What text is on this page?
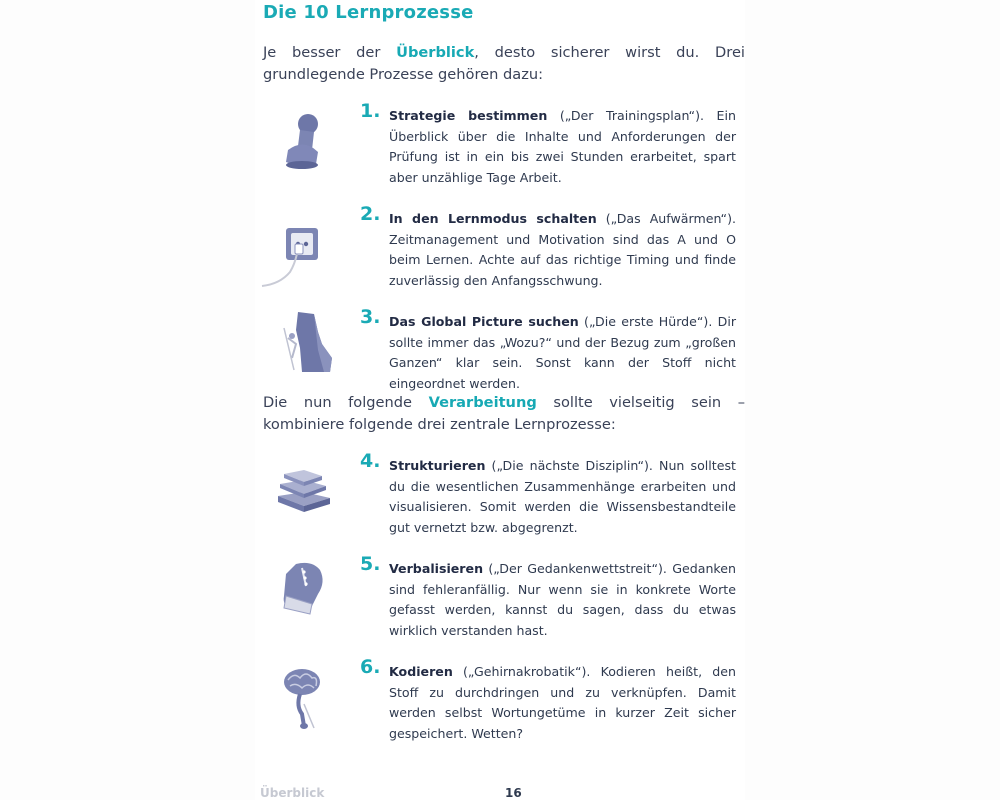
Die 10 Lernprozesse
Je besser der Überblick, desto sicherer wirst du. Drei grundlegende Prozesse gehören dazu:
1. Strategie bestimmen („Der Trainingsplan“). Ein Überblick über die Inhalte und Anforderungen der Prüfung ist in ein bis zwei Stunden erarbeitet, spart aber unzählige Tage Arbeit.
2. In den Lernmodus schalten („Das Aufwärmen“). Zeitmanagement und Motivation sind das A und O beim Lernen. Achte auf das richtige Timing und finde zuverlässig den Anfangsschwung.
3. Das Global Picture suchen („Die erste Hürde“). Dir sollte immer das „Wozu?“ und der Bezug zum „großen Ganzen“ klar sein. Sonst kann der Stoff nicht eingeordnet werden.
Die nun folgende Verarbeitung sollte vielseitig sein – kombiniere folgende drei zentrale Lernprozesse:
4. Strukturieren („Die nächste Disziplin“). Nun solltest du die wesentlichen Zusammenhänge erarbeiten und visualisieren. Somit werden die Wissensbestandteile gut vernetzt bzw. abgegrenzt.
5. Verbalisieren („Der Gedankenwettstreit“). Gedanken sind fehleranfällig. Nur wenn sie in konkrete Worte gefasst werden, kannst du sagen, dass du etwas wirklich verstanden hast.
6. Kodieren („Gehirnakrobatik“). Kodieren heißt, den Stoff zu durchdringen und zu verknüpfen. Damit werden selbst Wortungetüme in kurzer Zeit sicher gespeichert. Wetten?
Überblick	16
